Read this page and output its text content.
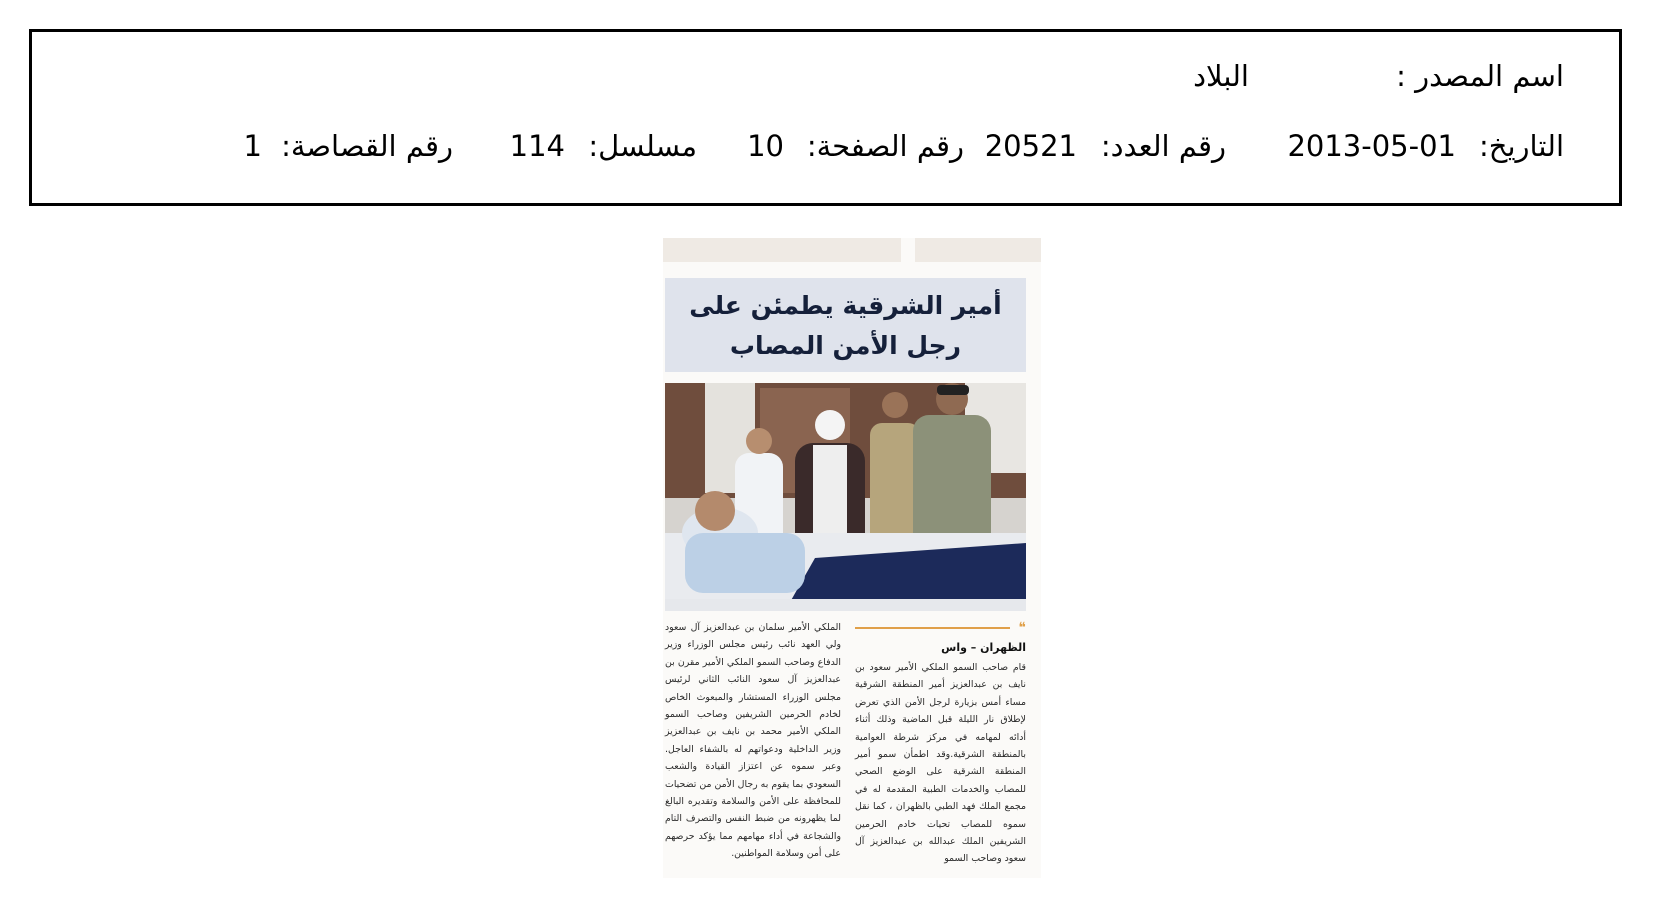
اسم المصدر :
البلاد
التاريخ:
2013-05-01
رقم العدد:
20521
رقم الصفحة:
10
مسلسل:
114
رقم القصاصة:
1
أمير الشرقية يطمئن على
رجل الأمن المصاب
❝
الظهران – واس
قام صاحب السمو الملكي الأمير سعود بن نايف بن عبدالعزيز أمير المنطقة الشرقية مساء أمس بزيارة لرجل الأمن الذي تعرض لإطلاق نار الليلة قبل الماضية وذلك أثناء أدائه لمهامه في مركز شرطة العوامية بالمنطقة الشرقية.وقد اطمأن سمو أمير المنطقة الشرقية على الوضع الصحي للمصاب والخدمات الطبية المقدمة له في مجمع الملك فهد الطبي بالظهران ، كما نقل سموه للمصاب تحيات خادم الحرمين الشريفين الملك عبدالله بن عبدالعزيز آل سعود وصاحب السمو
الملكي الأمير سلمان بن عبدالعزيز آل سعود ولي العهد نائب رئيس مجلس الوزراء وزير الدفاع وصاحب السمو الملكي الأمير مقرن بن عبدالعزيز آل سعود النائب الثاني لرئيس مجلس الوزراء المستشار والمبعوث الخاص لخادم الحرمين الشريفين وصاحب السمو الملكي الأمير محمد بن نايف بن عبدالعزيز وزير الداخلية ودعواتهم له بالشفاء العاجل. وعبر سموه عن اعتزاز القيادة والشعب السعودي بما يقوم به رجال الأمن من تضحيات للمحافظة على الأمن والسلامة وتقديره البالغ لما يظهرونه من ضبط النفس والتصرف التام والشجاعة في أداء مهامهم مما يؤكد حرصهم على أمن وسلامة المواطنين.
